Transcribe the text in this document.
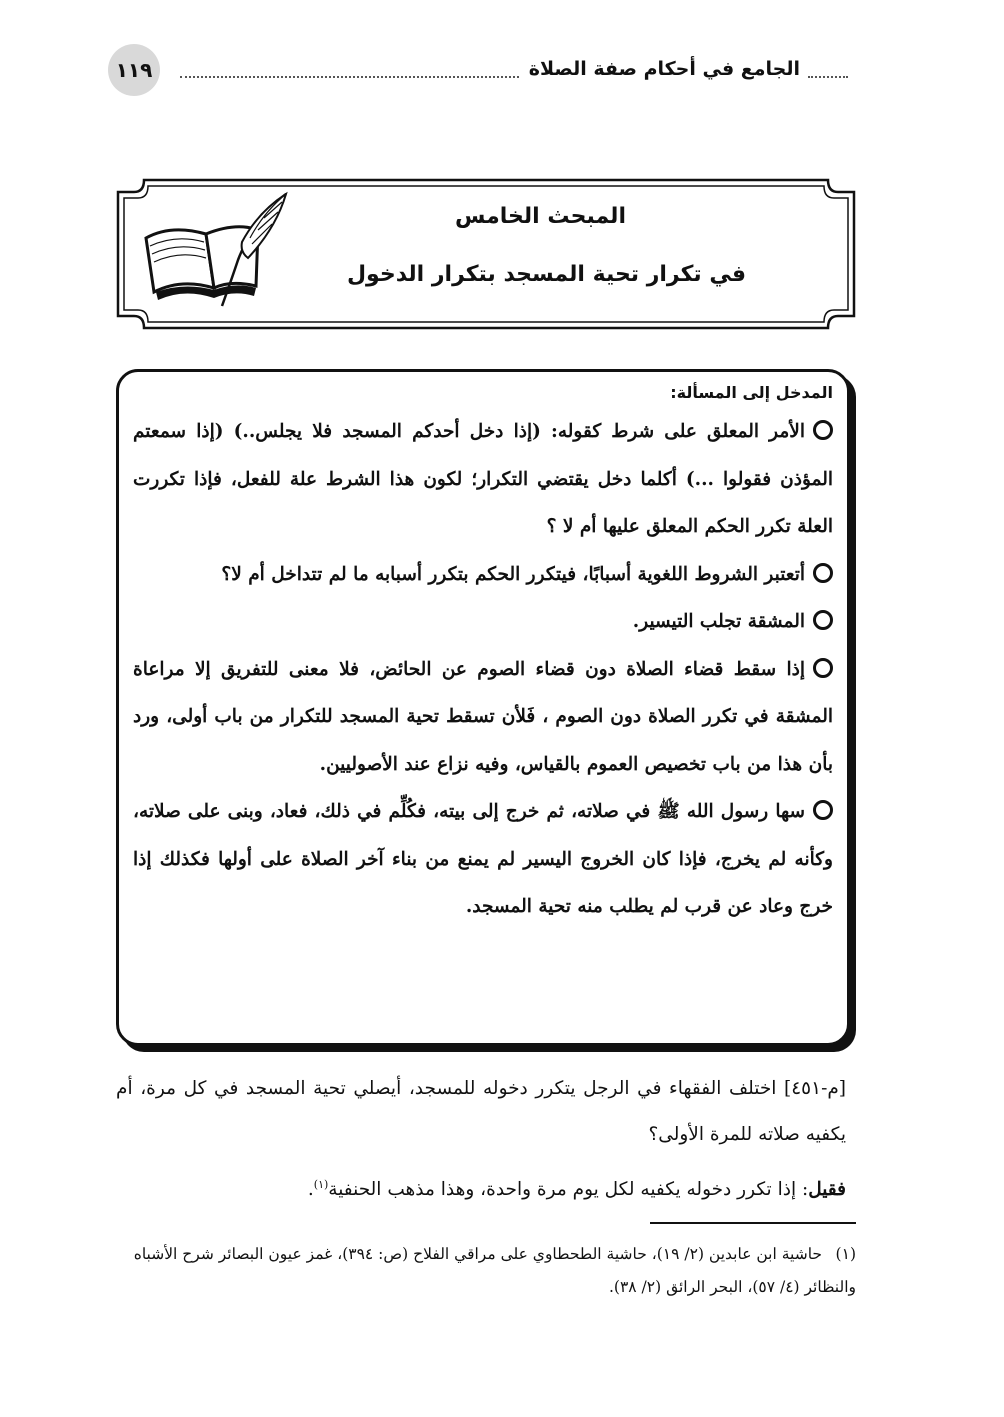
١١٩	الجامع في أحكام صفة الصلاة
المبحث الخامس
في تكرار تحية المسجد بتكرار الدخول
المدخل إلى المسألة:

الأمر المعلق على شرط كقوله: (إذا دخل أحدكم المسجد فلا يجلس..) (إذا سمعتم المؤذن فقولوا ...) أكلما دخل يقتضي التكرار؛ لكون هذا الشرط علة للفعل، فإذا تكررت العلة تكرر الحكم المعلق عليها أم لا ؟

أتعتبر الشروط اللغوية أسبابًا، فيتكرر الحكم بتكرر أسبابه ما لم تتداخل أم لا؟

المشقة تجلب التيسير.

إذا سقط قضاء الصلاة دون قضاء الصوم عن الحائض، فلا معنى للتفريق إلا مراعاة المشقة في تكرر الصلاة دون الصوم ، فَلأن تسقط تحية المسجد للتكرار من باب أولى، ورد بأن هذا من باب تخصيص العموم بالقياس، وفيه نزاع عند الأصوليين.

سها رسول الله ﷺ في صلاته، ثم خرج إلى بيته، فكُلِّم في ذلك، فعاد، وبنى على صلاته، وكأنه لم يخرج، فإذا كان الخروج اليسير لم يمنع من بناء آخر الصلاة على أولها فكذلك إذا خرج وعاد عن قرب لم يطلب منه تحية المسجد.

[م-٤٥١] اختلف الفقهاء في الرجل يتكرر دخوله للمسجد، أيصلي تحية المسجد في كل مرة، أم يكفيه صلاته للمرة الأولى؟
فقيل: إذا تكرر دخوله يكفيه لكل يوم مرة واحدة، وهذا مذهب الحنفية$^{(١)}$.
(١)حاشية ابن عابدين (٢/ ١٩)، حاشية الطحطاوي على مراقي الفلاح (ص: ٣٩٤)، غمز عيون البصائر شرح الأشباه والنظائر (٤/ ٥٧)، البحر الرائق (٢/ ٣٨).
